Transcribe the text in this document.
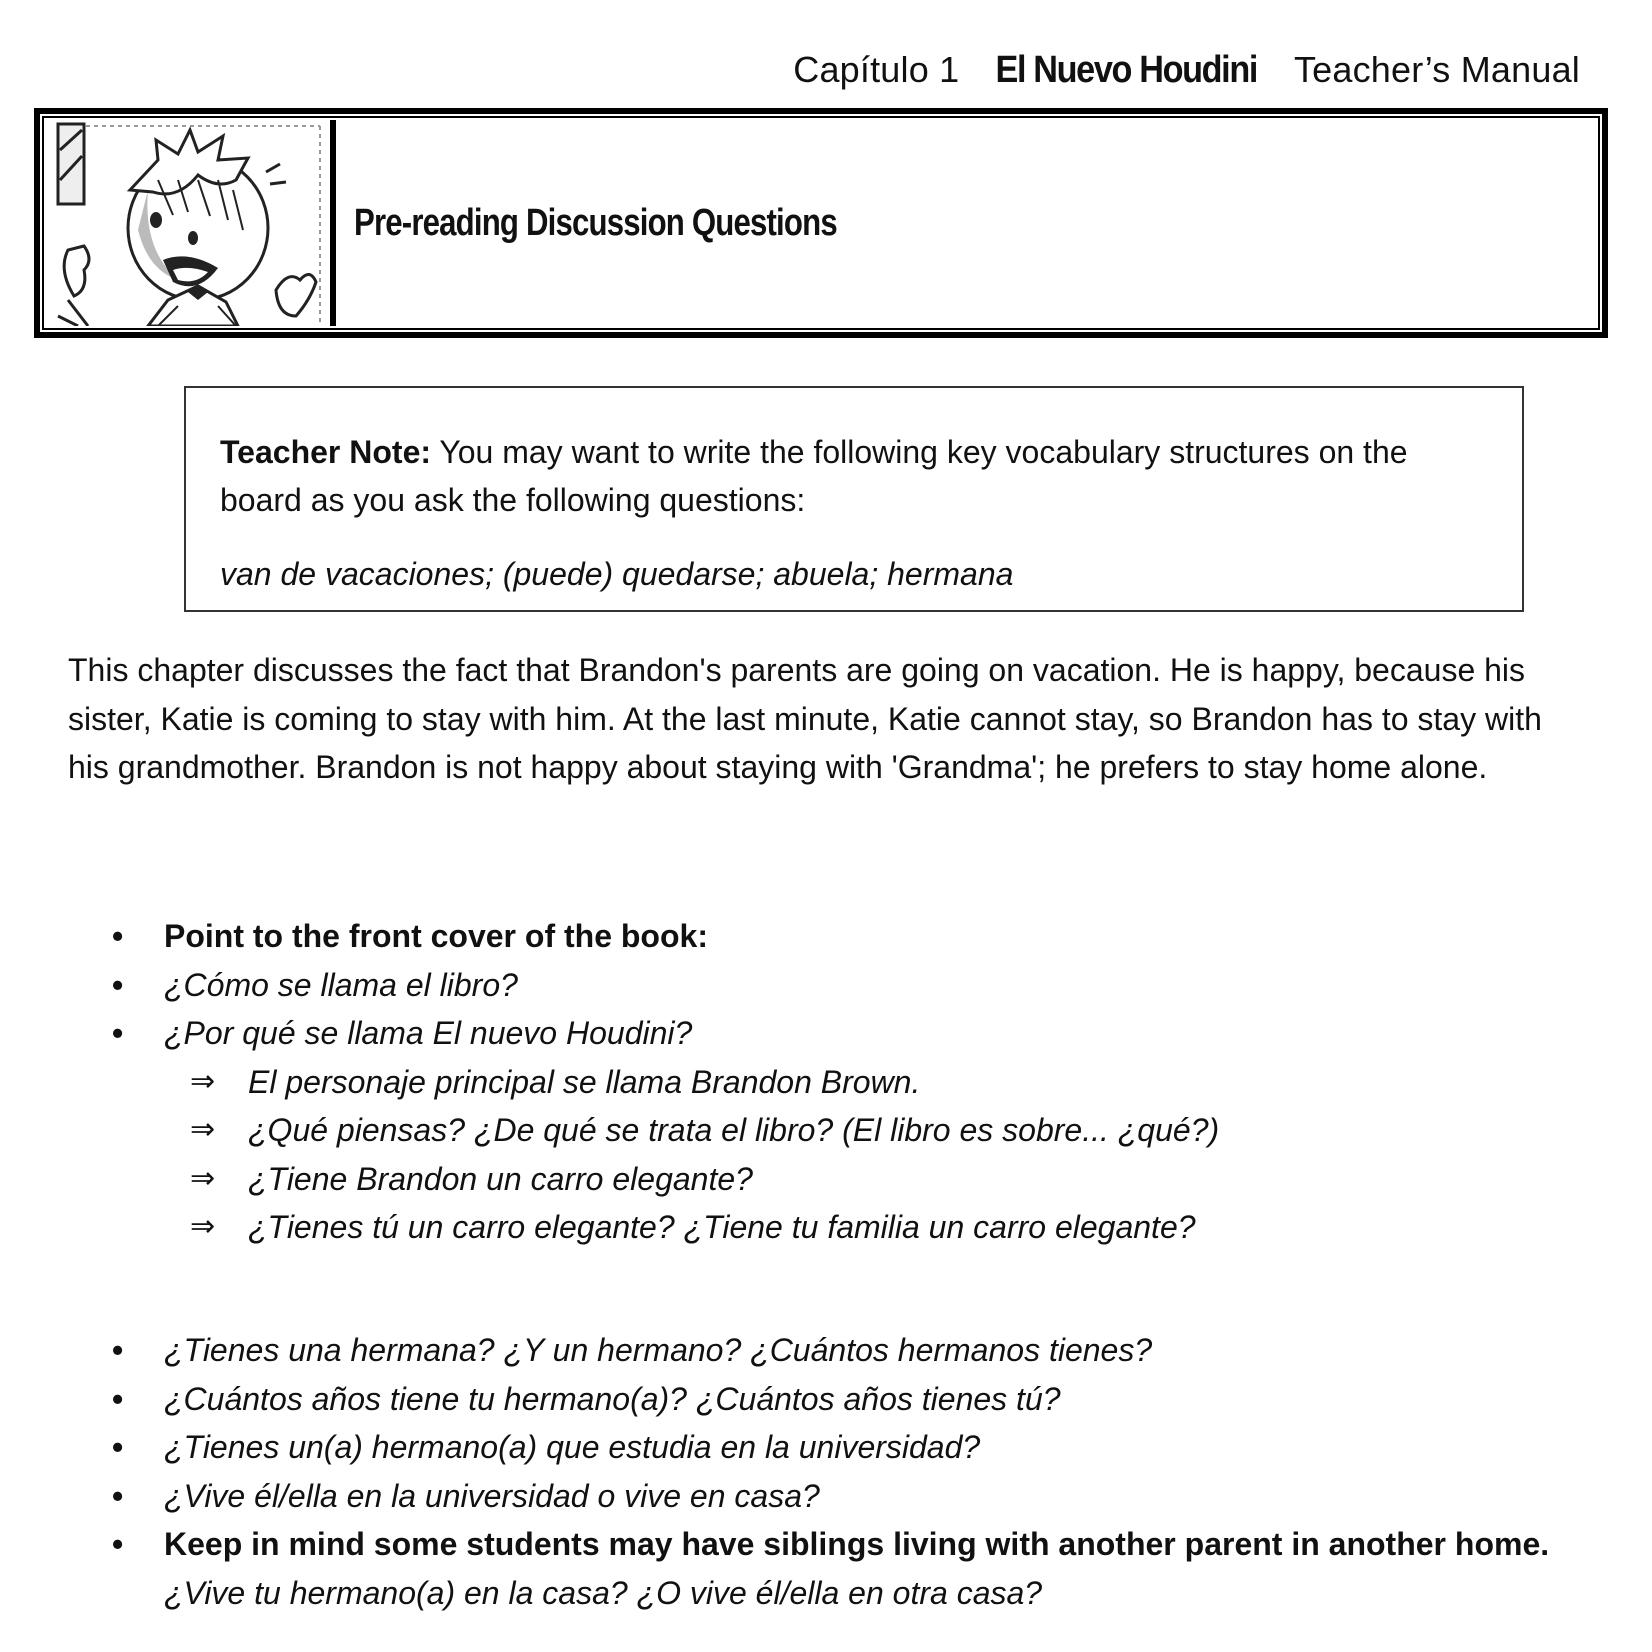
Capítulo 1 El Nuevo Houdini Teacher’s Manual
Pre-reading Discussion Questions
Teacher Note: You may want to write the following key vocabulary structures on the board as you ask the following questions:
van de vacaciones; (puede) quedarse; abuela; hermana
This chapter discusses the fact that Brandon's parents are going on vacation. He is happy, because his sister, Katie is coming to stay with him. At the last minute, Katie cannot stay, so Brandon has to stay with his grandmother. Brandon is not happy about staying with 'Grandma'; he prefers to stay home alone.
• Point to the front cover of the book:
• ¿Cómo se llama el libro?
• ¿Por qué se llama El nuevo Houdini?
⇒ El personaje principal se llama Brandon Brown.
⇒ ¿Qué piensas? ¿De qué se trata el libro? (El libro es sobre... ¿qué?)
⇒ ¿Tiene Brandon un carro elegante?
⇒ ¿Tienes tú un carro elegante? ¿Tiene tu familia un carro elegante?
• ¿Tienes una hermana? ¿Y un hermano? ¿Cuántos hermanos tienes?
• ¿Cuántos años tiene tu hermano(a)? ¿Cuántos años tienes tú?
• ¿Tienes un(a) hermano(a) que estudia en la universidad?
• ¿Vive él/ella en la universidad o vive en casa?
• Keep in mind some students may have siblings living with another parent in another home. ¿Vive tu hermano(a) en la casa? ¿O vive él/ella en otra casa?
